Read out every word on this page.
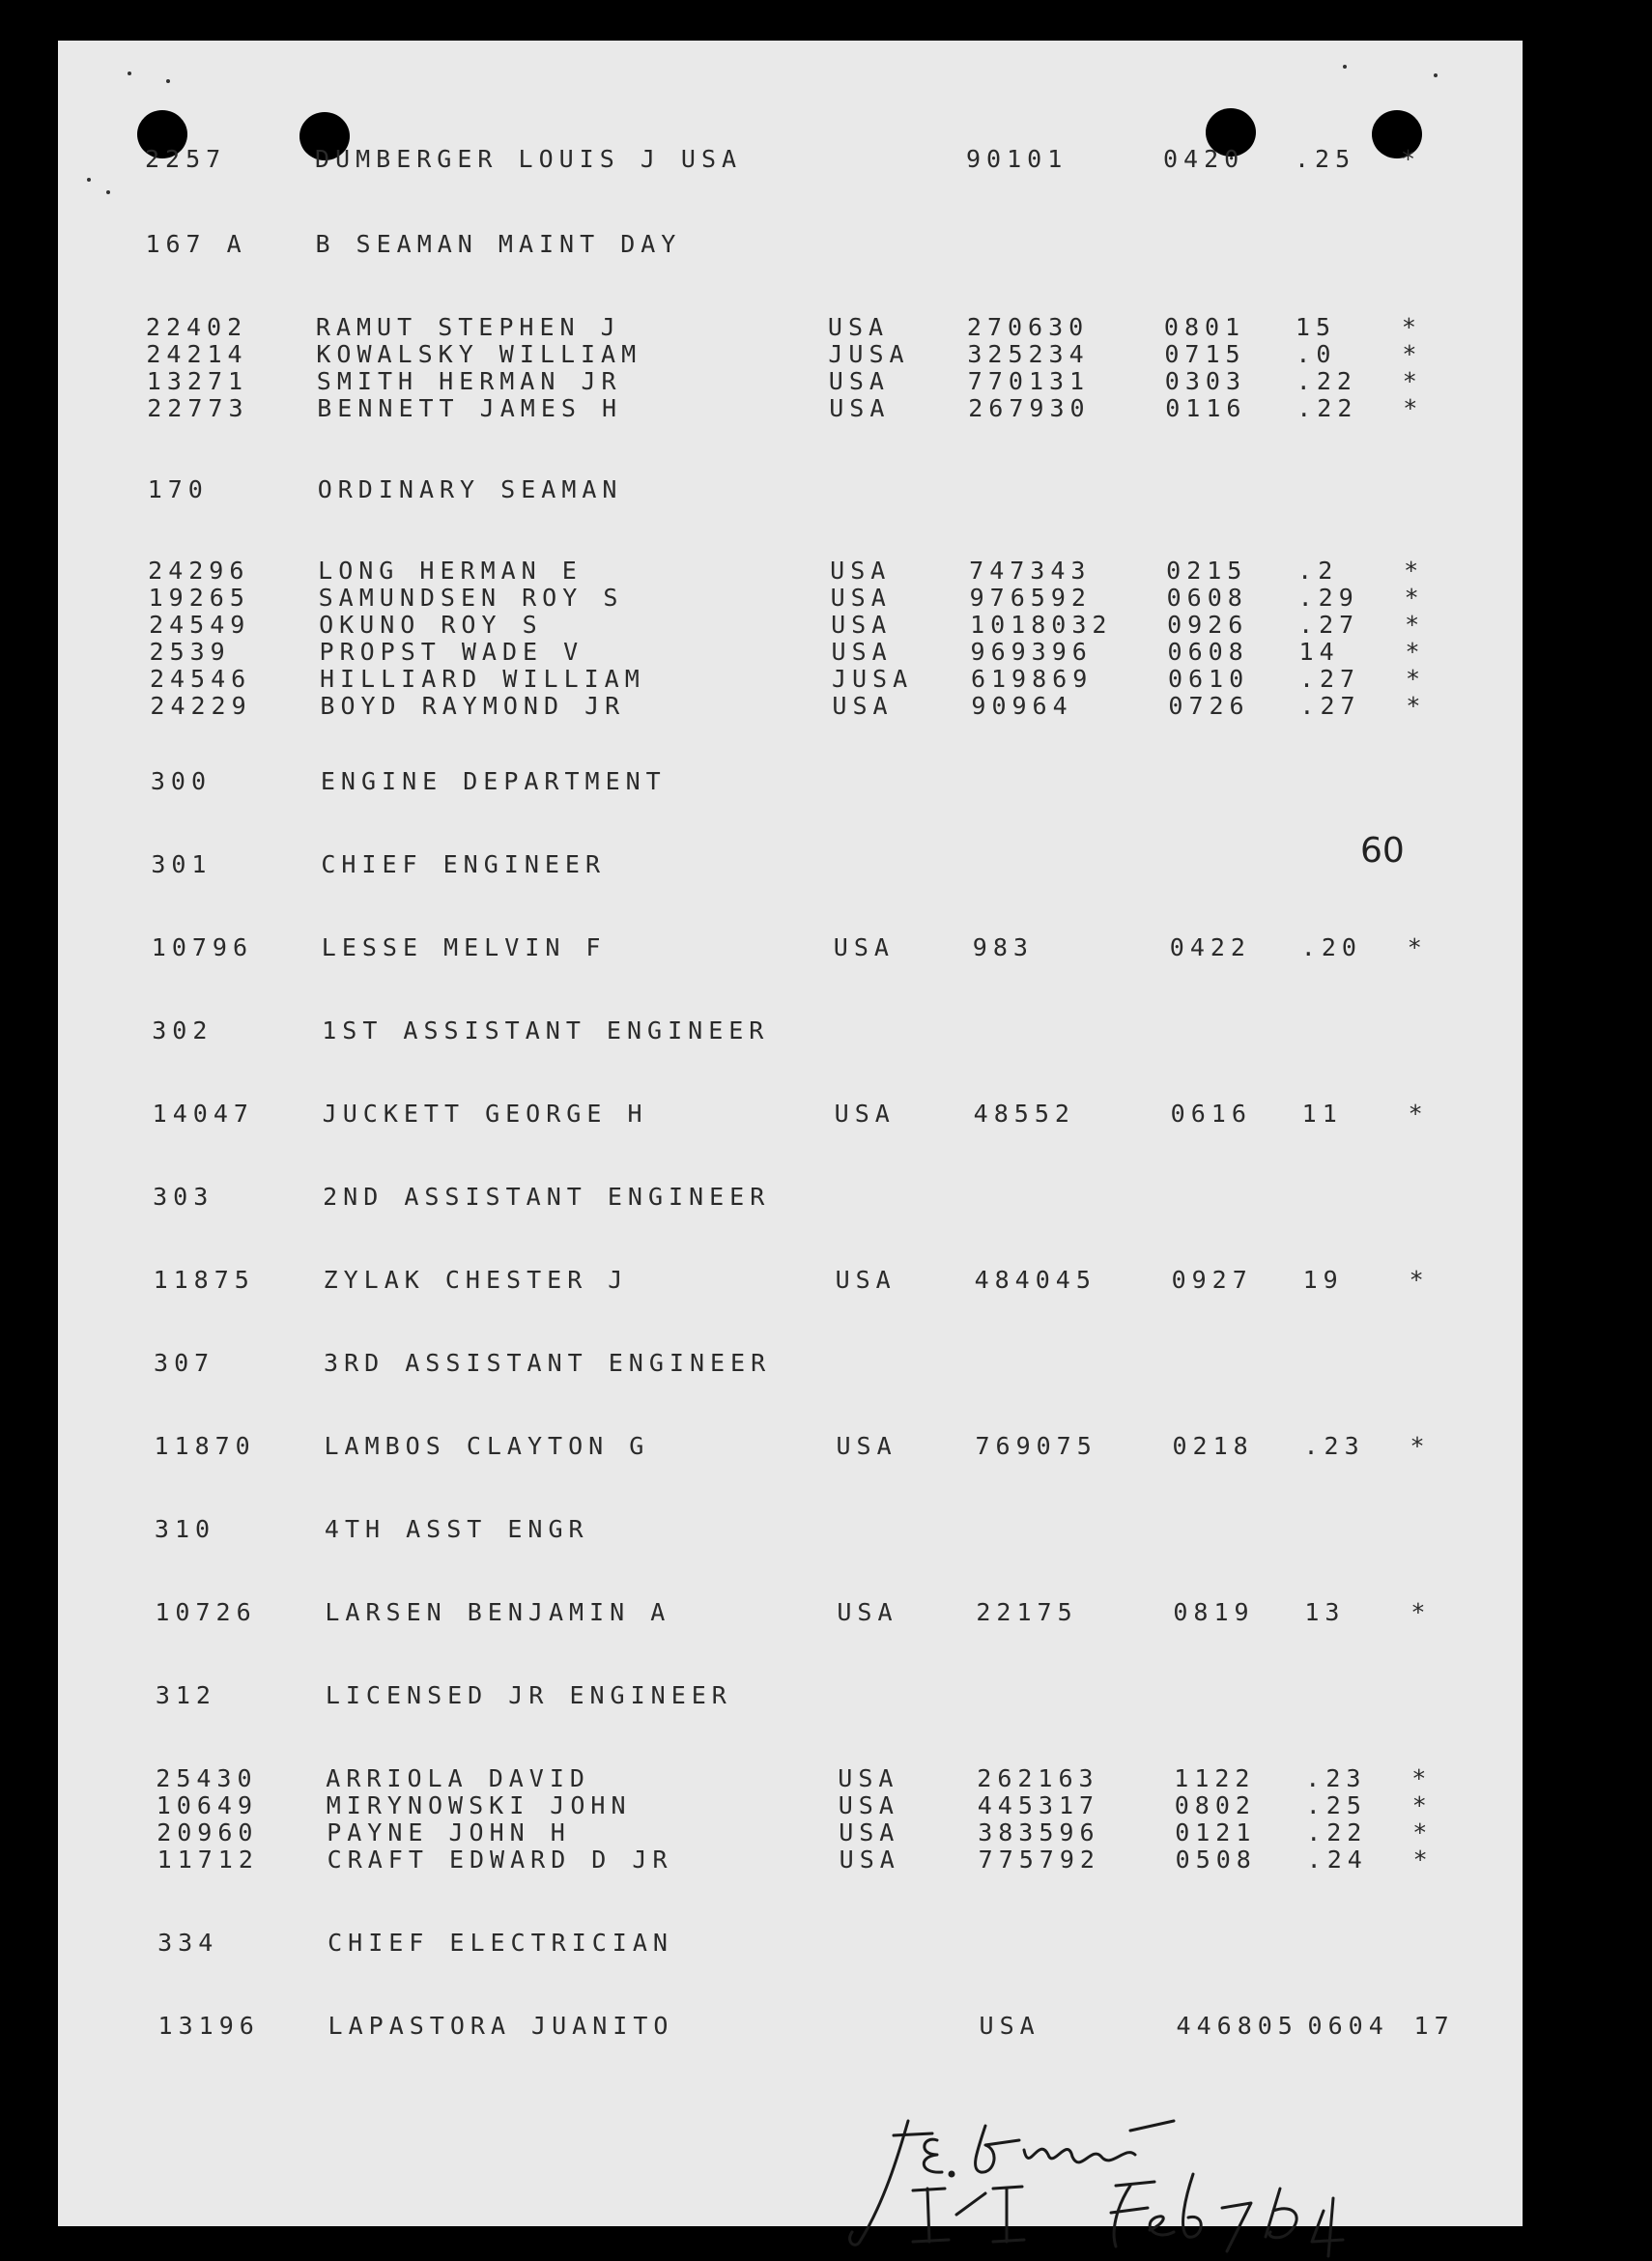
2257	DUMBERGER LOUIS J USA	90101	0420 .25 *
167 A	B SEAMAN MAINT DAY
22402	RAMUT STEPHEN J	USA	270630	0801 15	*
24214	KOWALSKY WILLIAM	JUSA 325234	0715 .0	*
13271	SMITH HERMAN JR	USA	770131	0303 .22 *
22773	BENNETT JAMES H	USA	267930	0116 .22 *
170	ORDINARY SEAMAN
24296	LONG HERMAN E	USA	747343	0215 .2	*
19265	SAMUNDSEN ROY S	USA	976592	0608 .29 *
24549	OKUNO ROY S	USA	1018032 0926 .27 *
2539	PROPST WADE V	USA	969396	0608 14	*
24546	HILLIARD WILLIAM	JUSA 619869	0610 .27 *
24229	BOYD RAYMOND JR	USA	90964	0726 .27 *
300	ENGINE DEPARTMENT
301	CHIEF ENGINEER
10796	LESSE MELVIN F	USA	983	0422 .20 *
302	1ST ASSISTANT ENGINEER
14047	JUCKETT GEORGE H	USA	48552	0616 11	*
303	2ND ASSISTANT ENGINEER
11875	ZYLAK CHESTER J	USA	484045	0927 19	*
307	3RD ASSISTANT ENGINEER
11870	LAMBOS CLAYTON G	USA	769075	0218 .23 *
310	4TH ASST ENGR
10726	LARSEN BENJAMIN A	USA	22175	0819 13	*
312	LICENSED JR ENGINEER
25430	ARRIOLA DAVID	USA	262163	1122 .23 *
10649	MIRYNOWSKI JOHN	USA	445317	0802 .25 *
20960	PAYNE JOHN H	USA	383596	0121 .22 *
11712	CRAFT EDWARD D JR	USA	775792	0508 .24 *
334	CHIEF ELECTRICIAN
13196	LAPASTORA JUANITO	USA	446805 0604 17
60
